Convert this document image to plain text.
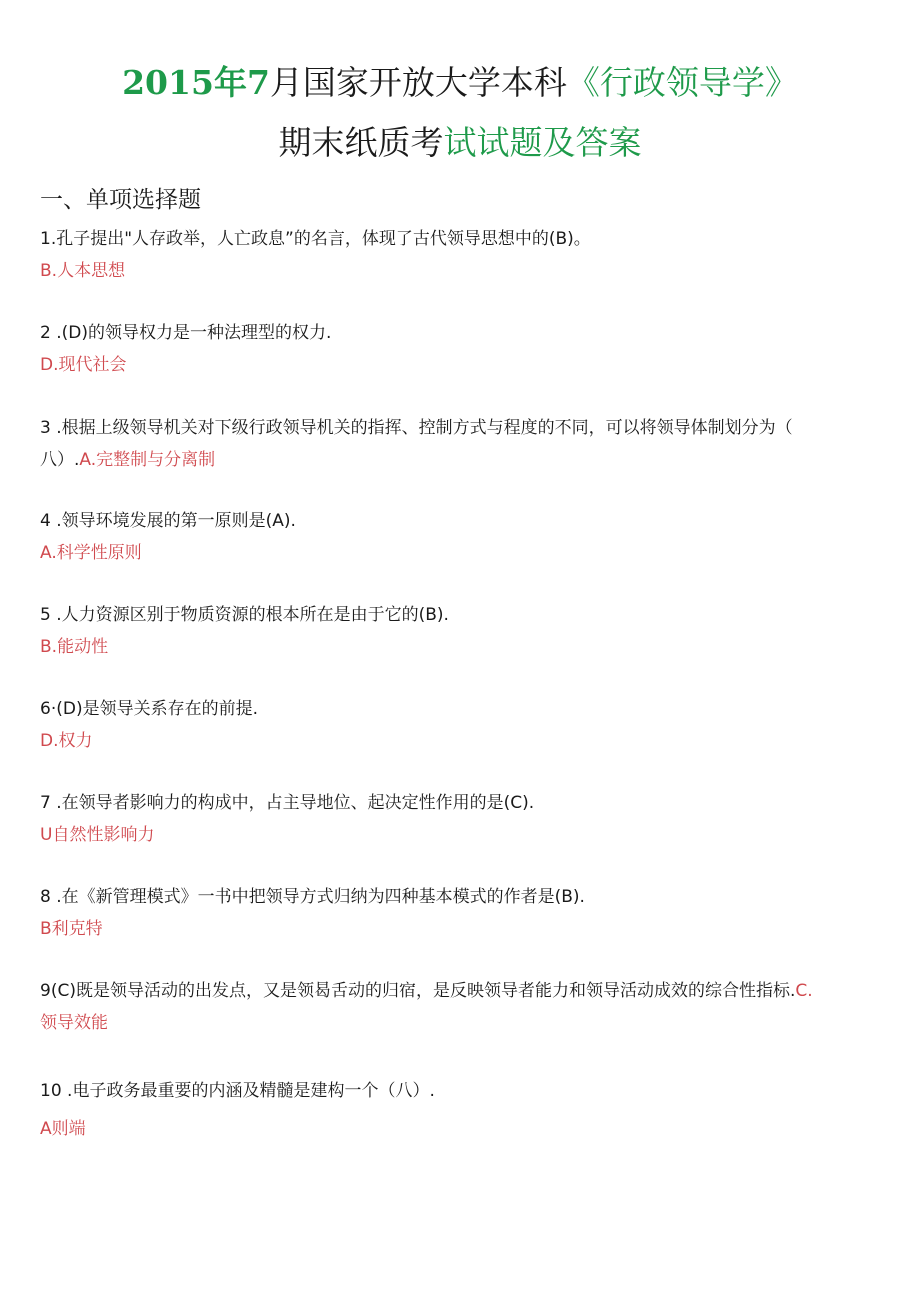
2015年7月国家开放大学本科《行政领导学》
期末纸质考试试题及答案
一、单项选择题
1.孔子提出"人存政举，人亡政息”的名言，体现了古代领导思想中的(B)。
B.人本思想
2 .(D)的领导权力是一种法理型的权力.
D.现代社会
3 .根据上级领导机关对下级行政领导机关的指挥、控制方式与程度的不同，可以将领导体制划分为（
八）.A.完整制与分离制
4 .领导环境发展的第一原则是(A).
A.科学性原则
5 .人力资源区别于物质资源的根本所在是由于它的(B).
B.能动性
6·(D)是领导关系存在的前提.
D.权力
7 .在领导者影响力的构成中，占主导地位、起决定性作用的是(C).
U自然性影响力
8 .在《新管理模式》一书中把领导方式归纳为四种基本模式的作者是(B).
B利克特
9(C)既是领导活动的出发点，又是领曷舌动的归宿，是反映领导者能力和领导活动成效的综合性指标.C.
领导效能
10 .电子政务最重要的内涵及精髓是建构一个（八）.
A则端
